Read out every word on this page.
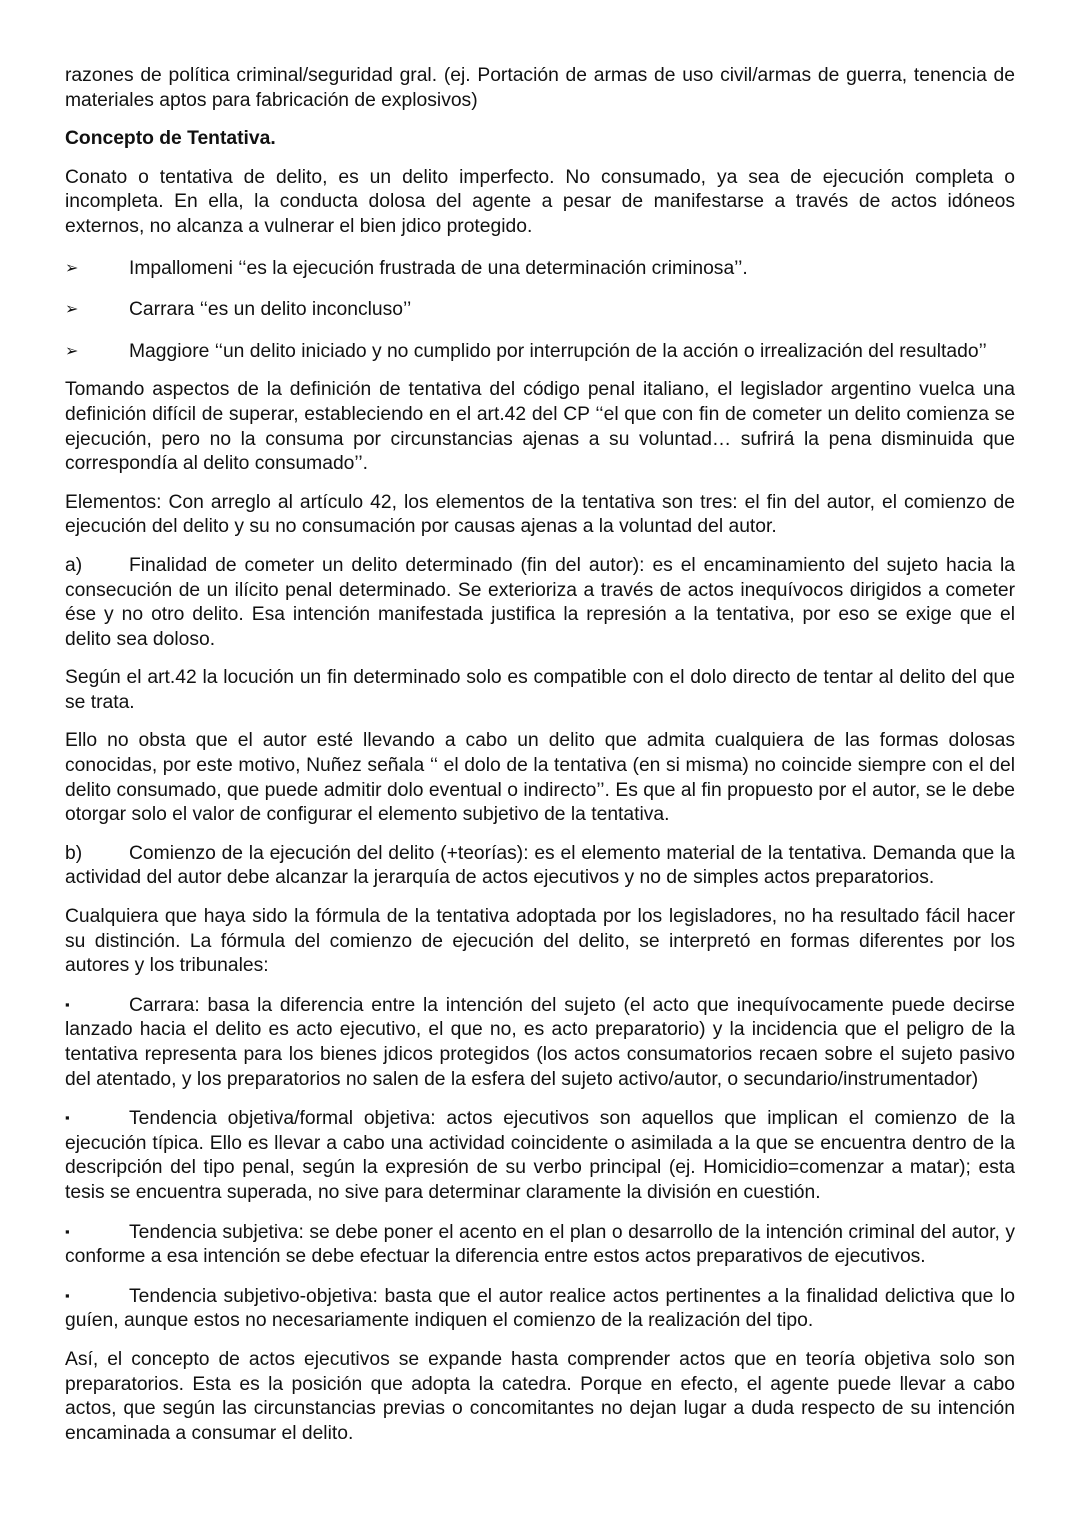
razones de política criminal/seguridad gral. (ej. Portación de armas de uso civil/armas de guerra, tenencia de materiales aptos para fabricación de explosivos)

Concepto de Tentativa.

Conato o tentativa de delito, es un delito imperfecto. No consumado, ya sea de ejecución completa o incompleta. En ella, la conducta dolosa del agente a pesar de manifestarse a través de actos idóneos externos, no alcanza a vulnerar el bien jdico protegido.

➢	Impallomeni ‘‘es la ejecución frustrada de una determinación criminosa’’.
➢	Carrara ‘‘es un delito inconcluso’’
➢	Maggiore ‘‘un delito iniciado y no cumplido por interrupción de la acción o irrealización del resultado’’

Tomando aspectos de la definición de tentativa del código penal italiano, el legislador argentino vuelca una definición difícil de superar, estableciendo en el art.42 del CP ‘‘el que con fin de cometer un delito comienza se ejecución, pero no la consuma por circunstancias ajenas a su voluntad… sufrirá la pena disminuida que correspondía al delito consumado’’.

Elementos: Con arreglo al artículo 42, los elementos de la tentativa son tres: el fin del autor, el comienzo de ejecución del delito y su no consumación por causas ajenas a la voluntad del autor.

a) Finalidad de cometer un delito determinado (fin del autor): es el encaminamiento del sujeto hacia la consecución de un ilícito penal determinado. Se exterioriza a través de actos inequívocos dirigidos a cometer ése y no otro delito. Esa intención manifestada justifica la represión a la tentativa, por eso se exige que el delito sea doloso.

Según el art.42 la locución un fin determinado solo es compatible con el dolo directo de tentar al delito del que se trata.

Ello no obsta que el autor esté llevando a cabo un delito que admita cualquiera de las formas dolosas conocidas, por este motivo, Nuñez señala ‘‘ el dolo de la tentativa (en si misma) no coincide siempre con el del delito consumado, que puede admitir dolo eventual o indirecto’’. Es que al fin propuesto por el autor, se le debe otorgar solo el valor de configurar el elemento subjetivo de la tentativa.

b) Comienzo de la ejecución del delito (+teorías): es el elemento material de la tentativa. Demanda que la actividad del autor debe alcanzar la jerarquía de actos ejecutivos y no de simples actos preparatorios.

Cualquiera que haya sido la fórmula de la tentativa adoptada por los legisladores, no ha resultado fácil hacer su distinción. La fórmula del comienzo de ejecución del delito, se interpretó en formas diferentes por los autores y los tribunales:

▪	Carrara: basa la diferencia entre la intención del sujeto (el acto que inequívocamente puede decirse lanzado hacia el delito es acto ejecutivo, el que no, es acto preparatorio) y la incidencia que el peligro de la tentativa representa para los bienes jdicos protegidos (los actos consumatorios recaen sobre el sujeto pasivo del atentado, y los preparatorios no salen de la esfera del sujeto activo/autor, o secundario/instrumentador)

▪	Tendencia objetiva/formal objetiva: actos ejecutivos son aquellos que implican el comienzo de la ejecución típica. Ello es llevar a cabo una actividad coincidente o asimilada a la que se encuentra dentro de la descripción del tipo penal, según la expresión de su verbo principal (ej. Homicidio=comenzar a matar); esta tesis se encuentra superada, no sive para determinar claramente la división en cuestión.

▪	Tendencia subjetiva: se debe poner el acento en el plan o desarrollo de la intención criminal del autor, y conforme a esa intención se debe efectuar la diferencia entre estos actos preparativos de ejecutivos.

▪	Tendencia subjetivo-objetiva: basta que el autor realice actos pertinentes a la finalidad delictiva que lo guíen, aunque estos no necesariamente indiquen el comienzo de la realización del tipo.

Así, el concepto de actos ejecutivos se expande hasta comprender actos que en teoría objetiva solo son preparatorios. Esta es la posición que adopta la catedra. Porque en efecto, el agente puede llevar a cabo actos, que según las circunstancias previas o concomitantes no dejan lugar a duda respecto de su intención encaminada a consumar el delito.
